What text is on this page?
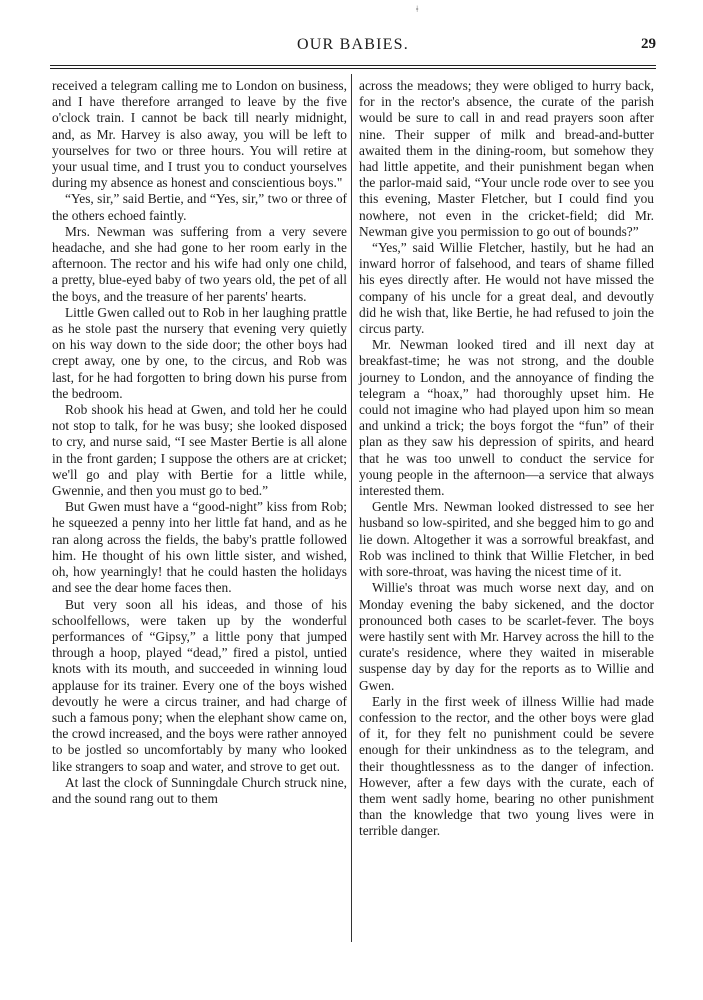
ǂ
OUR BABIES.	29

received a telegram calling me to London on business, and I have therefore arranged to leave by the five o'clock train. I cannot be back till nearly midnight, and, as Mr. Harvey is also away, you will be left to yourselves for two or three hours. You will retire at your usual time, and I trust you to conduct yourselves during my absence as honest and conscientious boys."

“Yes, sir,” said Bertie, and “Yes, sir,” two or three of the others echoed faintly.

Mrs. Newman was suffering from a very severe headache, and she had gone to her room early in the afternoon. The rector and his wife had only one child, a pretty, blue-eyed baby of two years old, the pet of all the boys, and the treasure of her parents' hearts.

Little Gwen called out to Rob in her laughing prattle as he stole past the nursery that evening very quietly on his way down to the side door; the other boys had crept away, one by one, to the circus, and Rob was last, for he had forgotten to bring down his purse from the bedroom.

Rob shook his head at Gwen, and told her he could not stop to talk, for he was busy; she looked disposed to cry, and nurse said, “I see Master Bertie is all alone in the front garden; I suppose the others are at cricket; we'll go and play with Bertie for a little while, Gwennie, and then you must go to bed.”

But Gwen must have a “good-night” kiss from Rob; he squeezed a penny into her little fat hand, and as he ran along across the fields, the baby's prattle followed him. He thought of his own little sister, and wished, oh, how yearningly! that he could hasten the holidays and see the dear home faces then.

But very soon all his ideas, and those of his schoolfellows, were taken up by the wonderful performances of “Gipsy,” a little pony that jumped through a hoop, played “dead,” fired a pistol, untied knots with its mouth, and succeeded in winning loud applause for its trainer. Every one of the boys wished devoutly he were a circus trainer, and had charge of such a famous pony; when the elephant show came on, the crowd increased, and the boys were rather annoyed to be jostled so uncomfortably by many who looked like strangers to soap and water, and strove to get out.

At last the clock of Sunningdale Church struck nine, and the sound rang out to them

across the meadows; they were obliged to hurry back, for in the rector's absence, the curate of the parish would be sure to call in and read prayers soon after nine. Their supper of milk and bread-and-butter awaited them in the dining-room, but somehow they had little appetite, and their punishment began when the parlor-maid said, “Your uncle rode over to see you this evening, Master Fletcher, but I could find you nowhere, not even in the cricket-field; did Mr. Newman give you permission to go out of bounds?”

“Yes,” said Willie Fletcher, hastily, but he had an inward horror of falsehood, and tears of shame filled his eyes directly after. He would not have missed the company of his uncle for a great deal, and devoutly did he wish that, like Bertie, he had refused to join the circus party.

Mr. Newman looked tired and ill next day at breakfast-time; he was not strong, and the double journey to London, and the annoyance of finding the telegram a “hoax,” had thoroughly upset him. He could not imagine who had played upon him so mean and unkind a trick; the boys forgot the “fun” of their plan as they saw his depression of spirits, and heard that he was too unwell to conduct the service for young people in the afternoon—a service that always interested them.

Gentle Mrs. Newman looked distressed to see her husband so low-spirited, and she begged him to go and lie down. Altogether it was a sorrowful breakfast, and Rob was inclined to think that Willie Fletcher, in bed with sore-throat, was having the nicest time of it.

Willie's throat was much worse next day, and on Monday evening the baby sickened, and the doctor pronounced both cases to be scarlet-fever. The boys were hastily sent with Mr. Harvey across the hill to the curate's residence, where they waited in miserable suspense day by day for the reports as to Willie and Gwen.

Early in the first week of illness Willie had made confession to the rector, and the other boys were glad of it, for they felt no punishment could be severe enough for their unkindness as to the telegram, and their thoughtlessness as to the danger of infection. However, after a few days with the curate, each of them went sadly home, bearing no other punishment than the knowledge that two young lives were in terrible danger.
